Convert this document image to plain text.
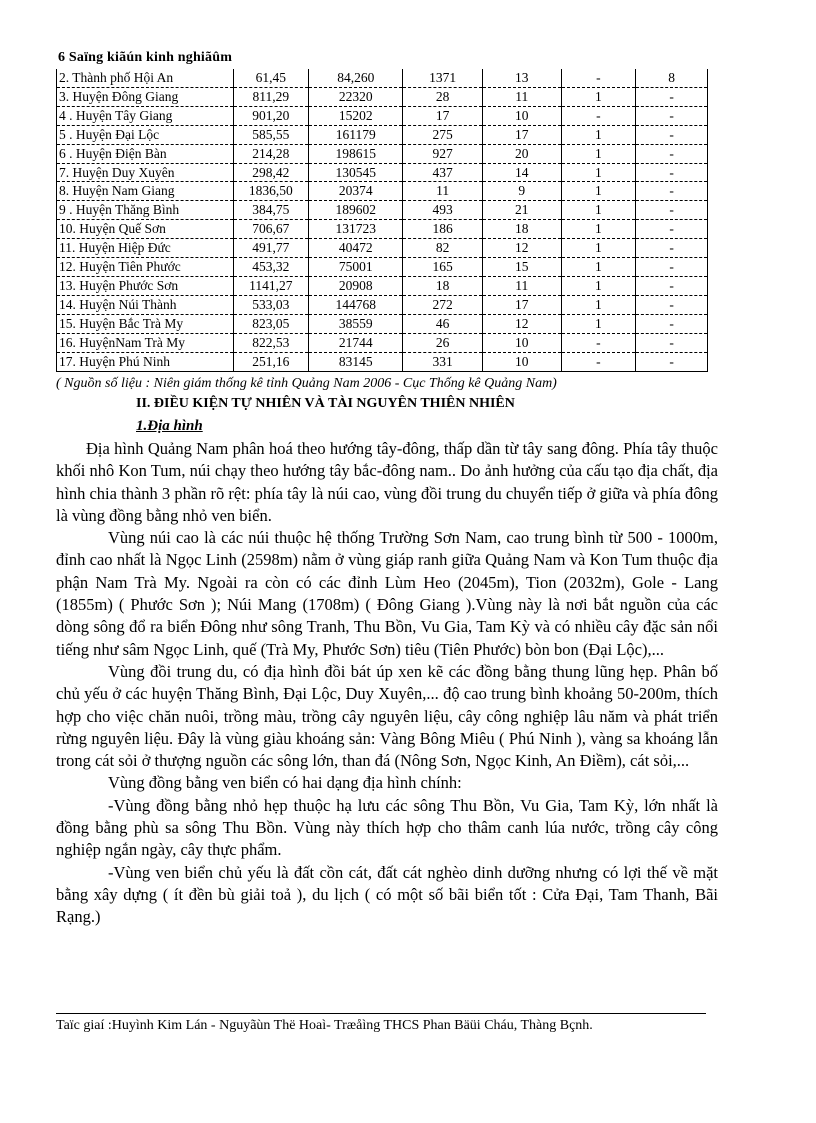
6 Saïng kiãún kinh nghiãûm
2. Thành phố Hội An	61,45	84,260	1371	13	-	8
3. Huyện Đông Giang	811,29	22320	28	11	1	-
4 . Huyện Tây Giang	901,20	15202	17	10	-	-
5 . Huyện Đại Lộc	585,55	161179	275	17	1	-
6 . Huyện Điện Bàn	214,28	198615	927	20	1	-
7. Huyện Duy Xuyên	298,42	130545	437	14	1	-
8. Huyện Nam Giang	1836,50	20374	11	9	1	-
9 . Huyện Thăng Bình	384,75	189602	493	21	1	-
10. Huyện Quế Sơn	706,67	131723	186	18	1	-
11. Huyện Hiệp Đức	491,77	40472	82	12	1	-
12. Huyện Tiên Phước	453,32	75001	165	15	1	-
13. Huyện Phước Sơn	1141,27	20908	18	11	1	-
14. Huyện Núi Thành	533,03	144768	272	17	1	-
15. Huyện Bắc Trà My	823,05	38559	46	12	1	-
16. HuyệnNam Trà My	822,53	21744	26	10	-	-
17. Huyện Phú Ninh	251,16	83145	331	10	-	-
( Nguồn số liệu : Niên giám thống kê tỉnh Quảng Nam 2006 - Cục Thống kê Quảng Nam)
II. ĐIỀU KIỆN TỰ NHIÊN VÀ TÀI NGUYÊN THIÊN NHIÊN
1.Địa hình

Địa hình Quảng Nam phân hoá theo hướng tây-đông, thấp dần từ tây sang đông. Phía tây thuộc khối nhô Kon Tum, núi chạy theo hướng tây bắc-đông nam.. Do ảnh hưởng của cấu tạo địa chất, địa hình chia thành 3 phần rõ rệt: phía tây là núi cao, vùng đồi trung du chuyển tiếp ở giữa và phía đông là vùng đồng bằng nhỏ ven biển.

Vùng núi cao là các núi thuộc hệ thống Trường Sơn Nam, cao trung bình từ 500 - 1000m, đỉnh cao nhất là Ngọc Linh (2598m) nằm ở vùng giáp ranh giữa Quảng Nam và Kon Tum thuộc địa phận Nam Trà My. Ngoài ra còn có các đỉnh Lùm Heo (2045m), Tion (2032m), Gole - Lang (1855m) ( Phước Sơn ); Núi Mang (1708m) ( Đông Giang ).Vùng này là nơi bắt nguồn của các dòng sông đổ ra biển Đông như sông Tranh, Thu Bồn, Vu Gia, Tam Kỳ và có nhiều cây đặc sản nổi tiếng như sâm Ngọc Linh, quế (Trà My, Phước Sơn) tiêu (Tiên Phước) bòn bon (Đại Lộc),...

Vùng đồi trung du, có địa hình đồi bát úp xen kẽ các đồng bằng thung lũng hẹp. Phân bố chủ yếu ở các huyện Thăng Bình, Đại Lộc, Duy Xuyên,... độ cao trung bình khoảng 50-200m, thích hợp cho việc chăn nuôi, trồng màu, trồng cây nguyên liệu, cây công nghiệp lâu năm và phát triển rừng nguyên liệu. Đây là vùng giàu khoáng sản: Vàng Bông Miêu ( Phú Ninh ), vàng sa khoáng lẫn trong cát sỏi ở thượng nguồn các sông lớn, than đá (Nông Sơn, Ngọc Kinh, An Điềm), cát sỏi,...

Vùng đồng bằng ven biển có hai dạng địa hình chính:

-Vùng đồng bằng nhỏ hẹp thuộc hạ lưu các sông Thu Bồn, Vu Gia, Tam Kỳ, lớn nhất là đồng bằng phù sa sông Thu Bồn. Vùng này thích hợp cho thâm canh lúa nước, trồng cây công nghiệp ngắn ngày, cây thực phẩm.

-Vùng ven biển chủ yếu là đất cồn cát, đất cát nghèo dinh dưỡng nhưng có lợi thế về mặt bằng xây dựng ( ít đền bù giải toả ), du lịch ( có một số bãi biển tốt : Cửa Đại, Tam Thanh, Bãi Rạng.)

Taïc giaí :Huyình Kim Lán - Nguyãùn Thë Hoaì- Træåìng THCS Phan Bäüi Cháu, Thàng Bçnh.
